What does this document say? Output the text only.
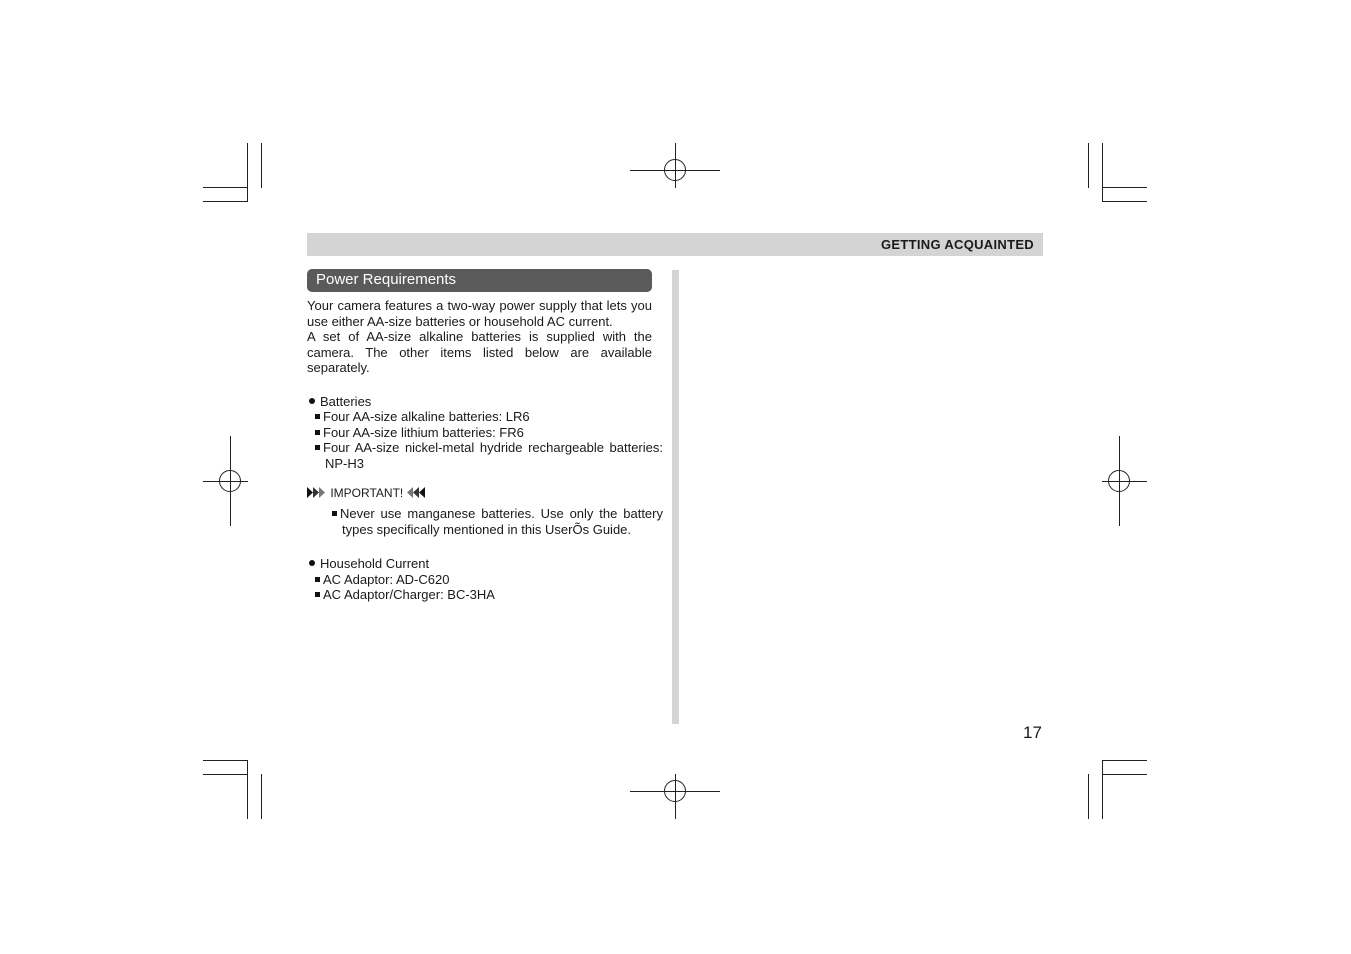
GETTING ACQUAINTED
Power Requirements
Your camera features a two-way power supply that lets you use either AA-size batteries or household AC current.
A set of AA-size alkaline batteries is supplied with the camera. The other items listed below are available separately.
Batteries
Four AA-size alkaline batteries: LR6
Four AA-size lithium batteries: FR6
Four AA-size nickel-metal hydride rechargeable batteries: NP-H3
IMPORTANT!
Never use manganese batteries. Use only the battery types specifically mentioned in this UserÕs Guide.
Household Current
AC Adaptor: AD-C620
AC Adaptor/Charger: BC-3HA
17
